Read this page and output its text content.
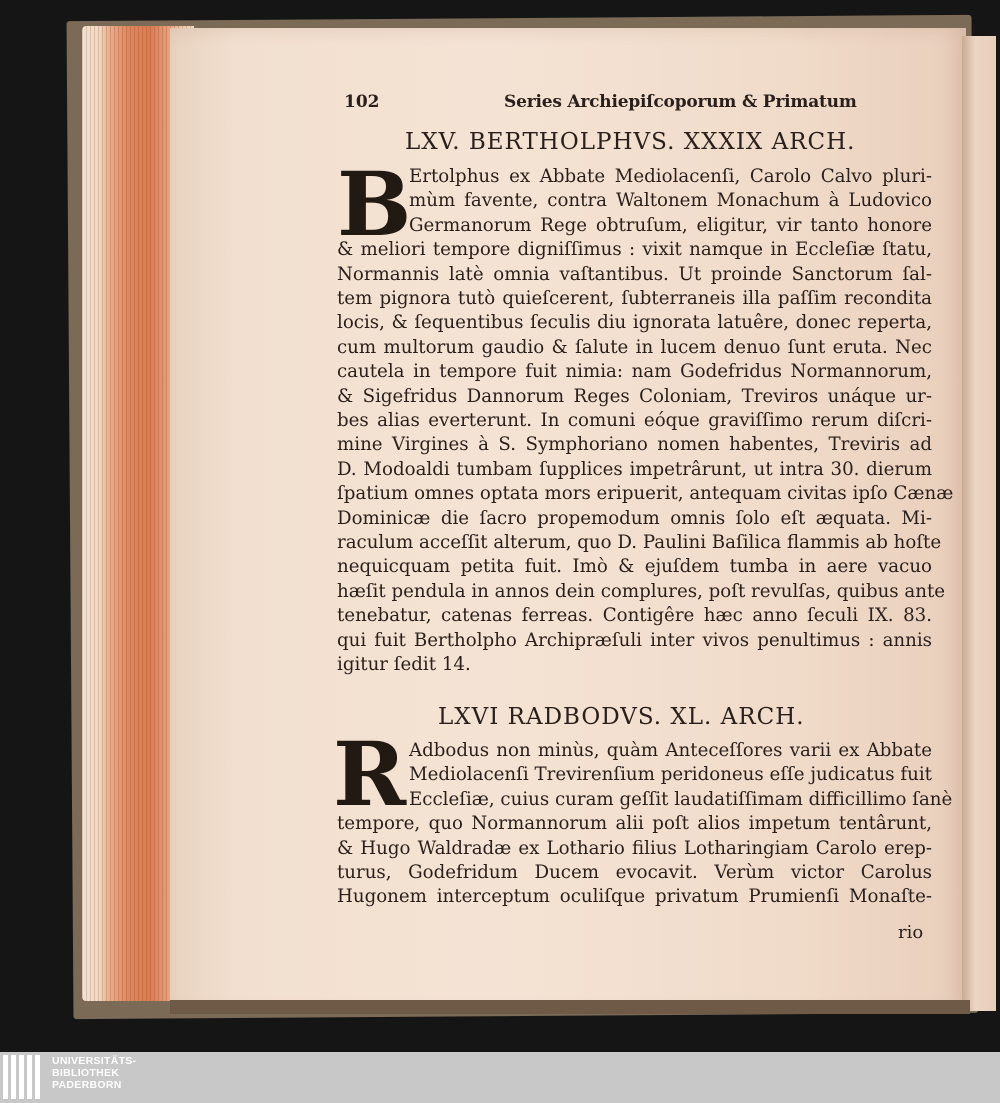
102	Series Archiepiſcoporum & Primatum
LXV. BERTHOLPHVS. XXXIX ARCH.
B
Ertolphus ex Abbate Mediolacenſi, Carolo Calvo pluri-
mùm favente, contra Waltonem Monachum à Ludovico
Germanorum Rege obtruſum, eligitur, vir tanto honore
& meliori tempore digniſſimus : vixit namque in Eccleſiæ ſtatu,
Normannis latè omnia vaſtantibus. Ut proinde Sanctorum ſal-
tem pignora tutò quieſcerent, ſubterraneis illa paſſim recondita
locis, & ſequentibus ſeculis diu ignorata latuêre, donec reperta,
cum multorum gaudio & ſalute in lucem denuo ſunt eruta. Nec
cautela in tempore fuit nimia: nam Godefridus Normannorum,
& Sigefridus Dannorum Reges Coloniam, Treviros unáque ur-
bes alias everterunt. In comuni eóque graviſſimo rerum diſcri-
mine Virgines à S. Symphoriano nomen habentes, Treviris ad
D. Modoaldi tumbam ſupplices impetrârunt, ut intra 30. dierum
ſpatium omnes optata mors eripuerit, antequam civitas ipſo Cænæ
Dominicæ die ſacro propemodum omnis ſolo eſt æquata. Mi-
raculum acceſſit alterum, quo D. Paulini Baſilica flammis ab hoſte
nequicquam petita fuit. Imò & ejuſdem tumba in aere vacuo
hæſit pendula in annos dein complures, poſt revulſas, quibus ante
tenebatur, catenas ferreas. Contigêre hæc anno ſeculi IX. 83.
qui fuit Bertholpho Archipræſuli inter vivos penultimus : annis
igitur ſedit 14.
LXVI RADBODVS. XL. ARCH.
R Adbodus non minùs, quàm Anteceſſores varii ex Abbate
Mediolacenſi Trevirenſium peridoneus eſſe judicatus fuit
Eccleſiæ, cuius curam geſſit laudatiſſimam difficillimo ſanè
tempore, quo Normannorum alii poſt alios impetum tentârunt,
& Hugo Waldradæ ex Lothario filius Lotharingiam Carolo erep-
turus, Godefridum Ducem evocavit. Verùm victor Carolus
Hugonem interceptum oculiſque privatum Prumienſi Monaſte-
rio
UNIVERSITÄTS-
BIBLIOTHEK
PADERBORN
